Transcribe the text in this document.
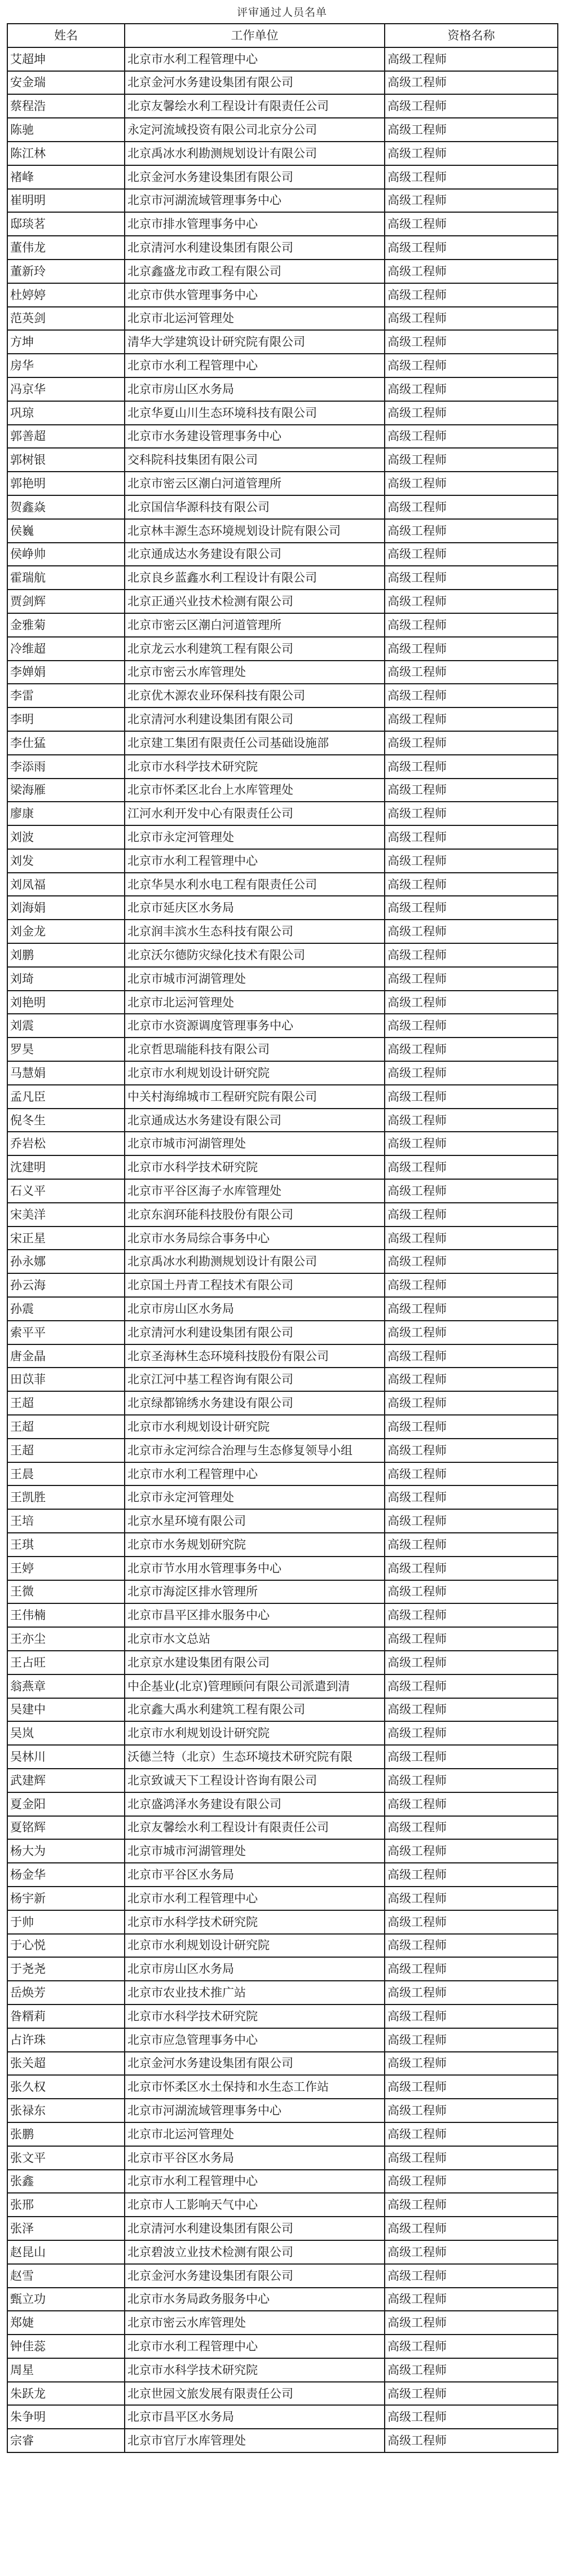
评审通过人员名单
姓名	工作单位	资格名称
艾超坤	北京市水利工程管理中心	高级工程师
安金瑞	北京金河水务建设集团有限公司	高级工程师
蔡程浩	北京友馨绘水利工程设计有限责任公司	高级工程师
陈驰	永定河流域投资有限公司北京分公司	高级工程师
陈江林	北京禹冰水利勘测规划设计有限公司	高级工程师
褚峰	北京金河水务建设集团有限公司	高级工程师
崔明明	北京市河湖流域管理事务中心	高级工程师
邸琰茗	北京市排水管理事务中心	高级工程师
董伟龙	北京清河水利建设集团有限公司	高级工程师
董新玲	北京鑫盛龙市政工程有限公司	高级工程师
杜婷婷	北京市供水管理事务中心	高级工程师
范英剑	北京市北运河管理处	高级工程师
方坤	清华大学建筑设计研究院有限公司	高级工程师
房华	北京市水利工程管理中心	高级工程师
冯京华	北京市房山区水务局	高级工程师
巩琼	北京华夏山川生态环境科技有限公司	高级工程师
郭善超	北京市水务建设管理事务中心	高级工程师
郭树银	交科院科技集团有限公司	高级工程师
郭艳明	北京市密云区潮白河道管理所	高级工程师
贺鑫焱	北京国信华源科技有限公司	高级工程师
侯巍	北京林丰源生态环境规划设计院有限公司	高级工程师
侯峥帅	北京通成达水务建设有限公司	高级工程师
霍瑞航	北京良乡蓝鑫水利工程设计有限公司	高级工程师
贾剑辉	北京正通兴业技术检测有限公司	高级工程师
金雅菊	北京市密云区潮白河道管理所	高级工程师
冷维超	北京龙云水利建筑工程有限公司	高级工程师
李婵娟	北京市密云水库管理处	高级工程师
李雷	北京优木源农业环保科技有限公司	高级工程师
李明	北京清河水利建设集团有限公司	高级工程师
李仕猛	北京建工集团有限责任公司基础设施部	高级工程师
李添雨	北京市水科学技术研究院	高级工程师
梁海雁	北京市怀柔区北台上水库管理处	高级工程师
廖康	江河水利开发中心有限责任公司	高级工程师
刘波	北京市永定河管理处	高级工程师
刘发	北京市水利工程管理中心	高级工程师
刘凤福	北京华昊水利水电工程有限责任公司	高级工程师
刘海娟	北京市延庆区水务局	高级工程师
刘金龙	北京润丰滨水生态科技有限公司	高级工程师
刘鹏	北京沃尔德防灾绿化技术有限公司	高级工程师
刘琦	北京市城市河湖管理处	高级工程师
刘艳明	北京市北运河管理处	高级工程师
刘震	北京市水资源调度管理事务中心	高级工程师
罗昊	北京哲思瑞能科技有限公司	高级工程师
马慧娟	北京市水利规划设计研究院	高级工程师
孟凡臣	中关村海绵城市工程研究院有限公司	高级工程师
倪冬生	北京通成达水务建设有限公司	高级工程师
乔岩松	北京市城市河湖管理处	高级工程师
沈建明	北京市水科学技术研究院	高级工程师
石义平	北京市平谷区海子水库管理处	高级工程师
宋美洋	北京东润环能科技股份有限公司	高级工程师
宋正星	北京市水务局综合事务中心	高级工程师
孙永娜	北京禹冰水利勘测规划设计有限公司	高级工程师
孙云海	北京国土丹青工程技术有限公司	高级工程师
孙震	北京市房山区水务局	高级工程师
索平平	北京清河水利建设集团有限公司	高级工程师
唐金晶	北京圣海林生态环境科技股份有限公司	高级工程师
田苡菲	北京江河中基工程咨询有限公司	高级工程师
王超	北京绿都锦绣水务建设有限公司	高级工程师
王超	北京市水利规划设计研究院	高级工程师
王超	北京市永定河综合治理与生态修复领导小组	高级工程师
王晨	北京市水利工程管理中心	高级工程师
王凯胜	北京市永定河管理处	高级工程师
王培	北京水星环境有限公司	高级工程师
王琪	北京市水务规划研究院	高级工程师
王婷	北京市节水用水管理事务中心	高级工程师
王微	北京市海淀区排水管理所	高级工程师
王伟楠	北京市昌平区排水服务中心	高级工程师
王亦尘	北京市水文总站	高级工程师
王占旺	北京京水建设集团有限公司	高级工程师
翁燕章	中企基业(北京)管理顾问有限公司派遣到清	高级工程师
吴建中	北京鑫大禹水利建筑工程有限公司	高级工程师
吴岚	北京市水利规划设计研究院	高级工程师
吴林川	沃德兰特（北京）生态环境技术研究院有限	高级工程师
武建辉	北京致诚天下工程设计咨询有限公司	高级工程师
夏金阳	北京盛鸿泽水务建设有限公司	高级工程师
夏铭辉	北京友馨绘水利工程设计有限责任公司	高级工程师
杨大为	北京市城市河湖管理处	高级工程师
杨金华	北京市平谷区水务局	高级工程师
杨宇新	北京市水利工程管理中心	高级工程师
于帅	北京市水科学技术研究院	高级工程师
于心悦	北京市水利规划设计研究院	高级工程师
于尧尧	北京市房山区水务局	高级工程师
岳焕芳	北京市农业技术推广站	高级工程师
昝糈莉	北京市水科学技术研究院	高级工程师
占许珠	北京市应急管理事务中心	高级工程师
张关超	北京金河水务建设集团有限公司	高级工程师
张久权	北京市怀柔区水土保持和水生态工作站	高级工程师
张禄东	北京市河湖流域管理事务中心	高级工程师
张鹏	北京市北运河管理处	高级工程师
张文平	北京市平谷区水务局	高级工程师
张鑫	北京市水利工程管理中心	高级工程师
张邢	北京市人工影响天气中心	高级工程师
张泽	北京清河水利建设集团有限公司	高级工程师
赵昆山	北京碧波立业技术检测有限公司	高级工程师
赵雪	北京金河水务建设集团有限公司	高级工程师
甄立功	北京市水务局政务服务中心	高级工程师
郑婕	北京市密云水库管理处	高级工程师
钟佳蕊	北京市水利工程管理中心	高级工程师
周星	北京市水科学技术研究院	高级工程师
朱跃龙	北京世园文旅发展有限责任公司	高级工程师
朱争明	北京市昌平区水务局	高级工程师
宗睿	北京市官厅水库管理处	高级工程师
